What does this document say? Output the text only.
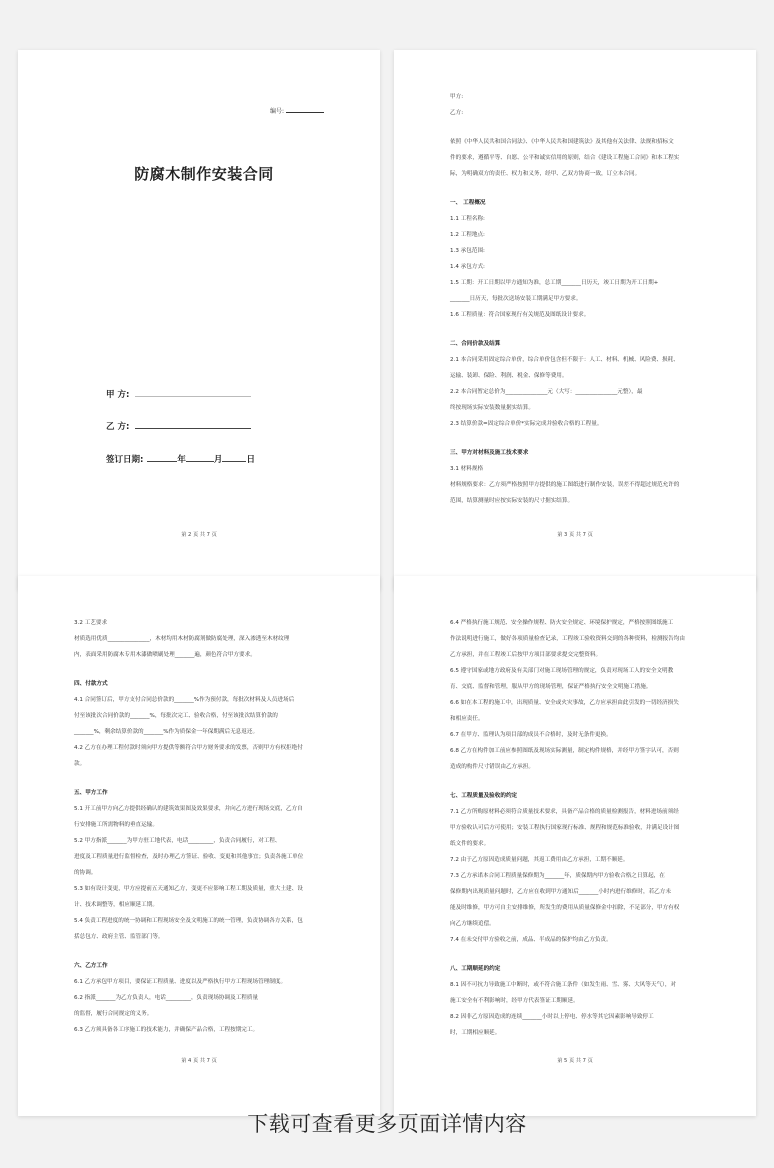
编号:
防腐木制作安装合同
甲 方:
乙 方:
签订日期:	年	月	日
第 2 页 共 7 页
甲方:
乙方:
依照《中华人民共和国合同法》、《中华人民共和国建筑法》及其他有关法律、法规和招标文
件的要求，遵循平等、自愿、公平和诚实信用的原则，结合《建设工程施工合同》和本工程实
际，为明确双方的责任、权力和义务，经甲、乙双方协商一致，订立本合同。
一、 工程概况
1.1 工程名称:
1.2 工程地点:
1.3 承包范围:
1.4 承包方式:
1.5 工期：开工日期以甲方通知为准，总工期_______日历天，竣工日期为开工日期+
_______日历天，每批次送场安装工期满足甲方要求。
1.6 工程质量：符合国家现行有关规范及图纸设计要求。
二、合同价款及结算
2.1 本合同采用固定综合单价，综合单价包含但不限于：人工、材料、机械、风险费、损耗、
运输、装卸、保险、利润、税金、保修等费用。
2.2 本合同暂定总价为_______________元（大写：_______________元整），最
终按现场实际安装数量据实结算。
2.3 结算价款=固定综合单价*实际完成并验收合格的工程量。
三、甲方对材料及施工技术要求
3.1 材料规格
材料规格要求：乙方须严格按照甲方提供的施工图纸进行制作安装，误差不得超过规范允许的
范围，结算测量时应按实际安装的尺寸据实结算。
第 3 页 共 7 页
3.2 工艺要求
材质选用优质_______________，木材均用木材防腐剂做防腐处理，深入渗透至木材纹理
内，表面采用防腐木专用木漆做喷刷处理_______遍，颜色符合甲方要求。
四、付款方式
4.1 合同签订后，甲方支付合同总价款的_______%作为预付款，每批次材料及人员进场后
付至该批次合同价款的_______%，每批次完工、验收合格，付至该批次结算价款的
_______%，剩余结算价款的_______%作为质保金一年保期满后无息返还。
4.2 乙方在办理工程付款时须向甲方提供等额符合甲方财务要求的发票，否则甲方有权拒绝付
款。
五、甲方工作
5.1 开工前甲方向乙方提供经确认的建筑效果图及效果要求，并向乙方进行现场交底，乙方自
行安排施工所需物料的垂直运输。
5.2 甲方指派_______为甲方驻工地代表，电话_________，负责合同履行，对工程、
进度及工程质量进行监督检查，及时办理乙方签证、验收、变更和其他事宜；负责各施工单位
的协调。
5.3 如有设计变更，甲方应提前五天通知乙方，变更不应影响工程工期及质量，重大土建、设
计、技术调整等，相应顺延工期。
5.4 负责工程进度的统一协调和工程现场安全及文明施工的统一管理，负责协调各方关系，包
括总包方、政府主管、监管部门等。
六、乙方工作
6.1 乙方承包甲方项目，要保证工程质量、进度以及严格执行甲方工程现场管理制度。
6.2 指派_______为乙方负责人，电话_________，负责现场协调及工程质量
的监督，履行合同规定的义务。
6.3 乙方须具备各工序施工的技术能力，并确保产品合格，工程按期完工。
第 4 页 共 7 页
6.4 严格执行施工规范、安全操作规程、防火安全规定、环境保护规定，严格按照图纸施工
作法说明进行施工，做好各项质量检查记录，工程竣工验收资料交到的各种资料，检测报告均由
乙方承担，并在工程竣工后按甲方项目部要求提交完整资料。
6.5 遵守国家或地方政府及有关部门对施工现场管理的规定，负责对现场工人的安全文明教
育、交底、监督和管理，服从甲方的现场管理，保证严格执行安全文明施工措施。
6.6 如在本工程的施工中，出现质量、安全或火灾事故，乙方应承担由此引发的一切经济损失
和相应责任。
6.7 在甲方、监理认为项目部的成员不合格时，及时无条件更换。
6.8 乙方在构件加工前应参照图纸及现场实际测量，制定构件规格，并经甲方签字认可，否则
造成的构件尺寸错误由乙方承担。
七、工程质量及验收的约定
7.1 乙方所购原材料必须符合质量技术要求，具备产品合格的质量检测报告，材料进场前须经
甲方验收认可后方可使用；安装工程执行国家现行标准、规程和规范标准验收，并满足设计图
纸文件的要求。
7.2 由于乙方原因造成质量问题，其返工费用由乙方承担，工期不顺延。
7.3 乙方承诺本合同工程质量保修期为_______年，质保期内甲方验收合格之日算起，在
保修期内出现质量问题时，乙方应在收到甲方通知后_______小时内进行维修时，若乙方未
能及时维修，甲方可自主安排维修，所发生的费用从质量保修金中扣除，不足部分，甲方有权
向乙方继续追偿。
7.4 在未交付甲方验收之前，成品、半成品的保护均由乙方负责。
八、工期顺延的约定
8.1 因不可抗力导致施工中断时，或不符合施工条件（如发生雨、雪、雾、大风等天气），对
施工安全有不利影响时，经甲方代表签证工期顺延。
8.2 因非乙方原因造成的连续_______小时以上停电、停水等其它因素影响导致停工
时，工期相应顺延。
第 5 页 共 7 页
下载可查看更多页面详情内容
